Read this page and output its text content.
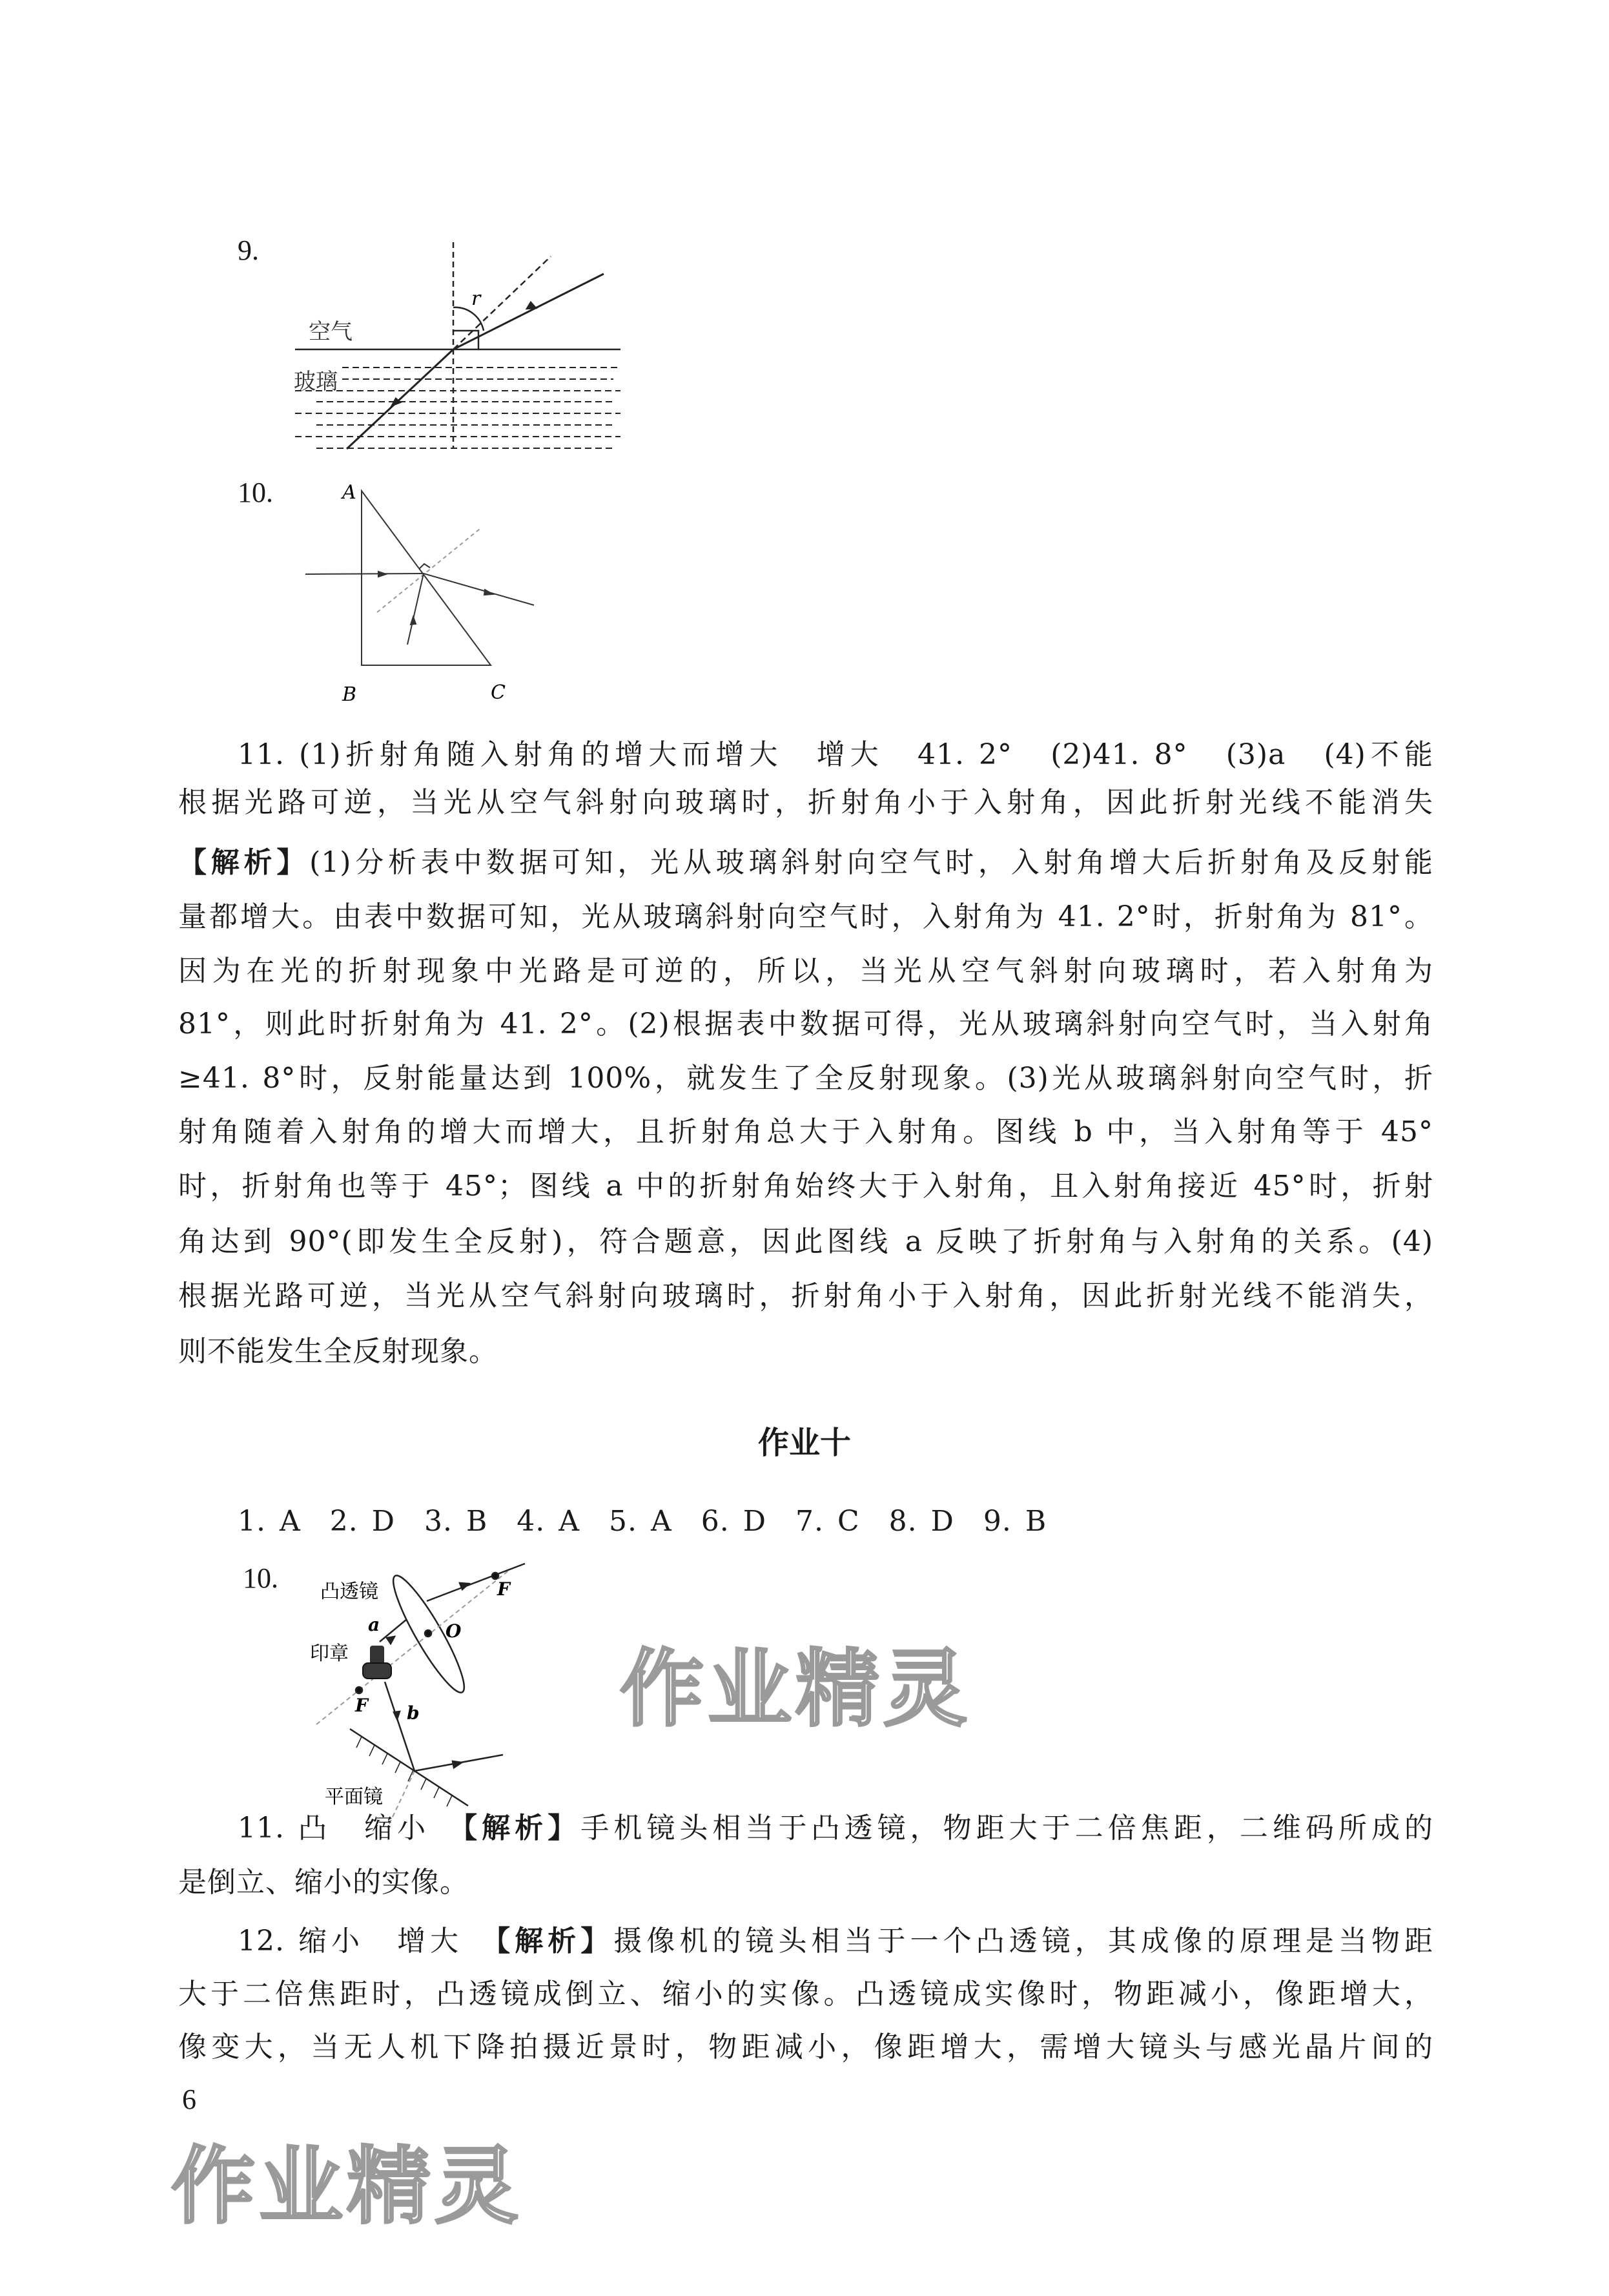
9.
r
空气
玻璃
A
B	C
凸透镜
印章
平面镜
F
O
a
F b
10.
11. (1)折射角随入射角的增大而增大　增大　41. 2°　(2)41. 8°　(3)a　(4)不能
根据光路可逆，当光从空气斜射向玻璃时，折射角小于入射角，因此折射光线不能消失
【解析】(1)分析表中数据可知，光从玻璃斜射向空气时，入射角增大后折射角及反射能
量都增大。由表中数据可知，光从玻璃斜射向空气时，入射角为 41. 2°时，折射角为 81°。
因为在光的折射现象中光路是可逆的，所以，当光从空气斜射向玻璃时，若入射角为
81°，则此时折射角为 41. 2°。(2)根据表中数据可得，光从玻璃斜射向空气时，当入射角
≥41. 8°时，反射能量达到 100%，就发生了全反射现象。(3)光从玻璃斜射向空气时，折
射角随着入射角的增大而增大，且折射角总大于入射角。图线 b 中，当入射角等于 45°
时，折射角也等于 45°；图线 a 中的折射角始终大于入射角，且入射角接近 45°时，折射
角达到 90°(即发生全反射)，符合题意，因此图线 a 反映了折射角与入射角的关系。(4)
根据光路可逆，当光从空气斜射向玻璃时，折射角小于入射角，因此折射光线不能消失，
则不能发生全反射现象。
作业十
1. A　2. D　3. B　4. A　5. A　6. D　7. C　8. D　9. B
10.
作业精灵
11. 凸　缩小　【解析】手机镜头相当于凸透镜，物距大于二倍焦距，二维码所成的
是倒立、缩小的实像。
12. 缩小　增大　【解析】摄像机的镜头相当于一个凸透镜，其成像的原理是当物距
大于二倍焦距时，凸透镜成倒立、缩小的实像。凸透镜成实像时，物距减小，像距增大，
像变大，当无人机下降拍摄近景时，物距减小，像距增大，需增大镜头与感光晶片间的
6
作业精灵
